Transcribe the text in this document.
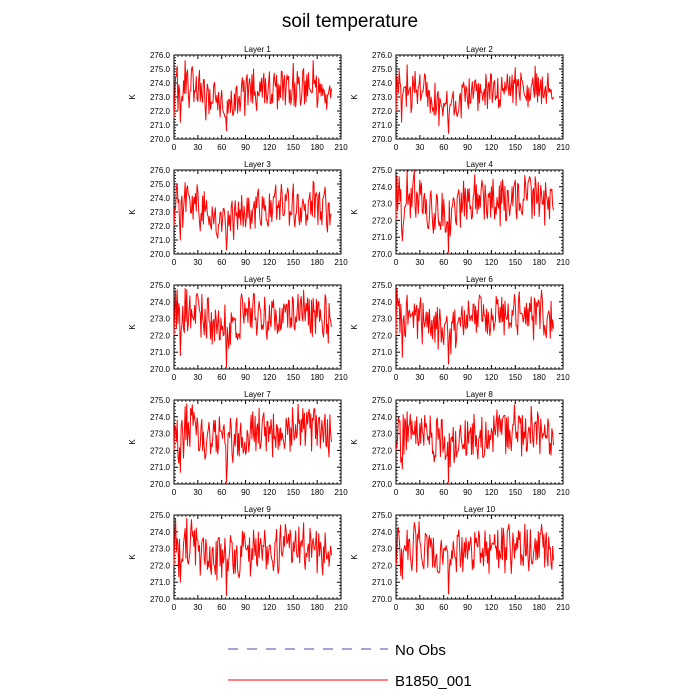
soil temperature
Layer 1
K
0 30 60 90 120 150 180 210
270.0
271.0
272.0
273.0
274.0
275.0
276.0
Layer 2
K
0 30 60 90 120 150 180 210
270.0
271.0
272.0
273.0
274.0
275.0
276.0
Layer 3
K
0 30 60 90 120 150 180 210
270.0
271.0
272.0
273.0
274.0
275.0
276.0
Layer 4
K
0 30 60 90 120 150 180 210
270.0
271.0
272.0
273.0
274.0
275.0
Layer 5
K
0 30 60 90 120 150 180 210
270.0
271.0
272.0
273.0
274.0
275.0
Layer 6
K
0 30 60 90 120 150 180 210
270.0
271.0
272.0
273.0
274.0
275.0
Layer 7
K
0 30 60 90 120 150 180 210
270.0
271.0
272.0
273.0
274.0
275.0
Layer 8
K
0 30 60 90 120 150 180 210
270.0
271.0
272.0
273.0
274.0
275.0
Layer 9
K
0 30 60 90 120 150 180 210
270.0
271.0
272.0
273.0
274.0
275.0
Layer 10
K
0 30 60 90 120 150 180 210
270.0
271.0
272.0
273.0
274.0
275.0
No Obs
B1850_001
